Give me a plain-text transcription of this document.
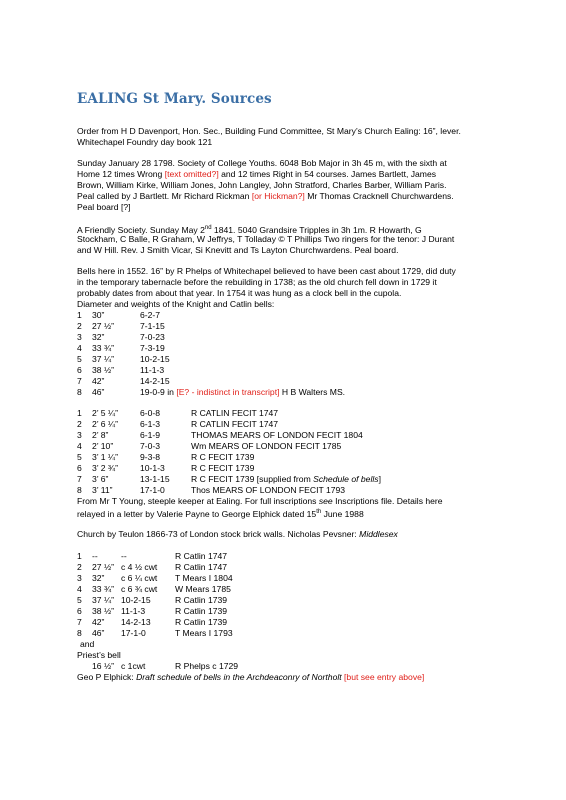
EALING St Mary. Sources
Order from H D Davenport, Hon. Sec., Building Fund Committee, St Mary’s Church Ealing: 16”, lever.
Whitechapel Foundry day book 121
Sunday January 28 1798. Society of College Youths. 6048 Bob Major in 3h 45 m, with the sixth at
Home 12 times Wrong [text omitted?] and 12 times Right in 54 courses. James Bartlett, James
Brown, William Kirke, William Jones, John Langley, John Stratford, Charles Barber, William Paris.
Peal called by J Bartlett. Mr Richard Rickman [or Hickman?] Mr Thomas Cracknell Churchwardens.
Peal board [?]
A Friendly Society. Sunday May 2nd 1841. 5040 Grandsire Tripples in 3h 1m. R Howarth, G
Stockham, C Balle, R Graham, W Jeffrys, T Tolladay © T Phillips Two ringers for the tenor: J Durant
and W Hill. Rev. J Smith Vicar, Si Knevitt and Ts Layton Churchwardens. Peal board.
Bells here in 1552. 16” by R Phelps of Whitechapel believed to have been cast about 1729, did duty
in the temporary tabernacle before the rebuilding in 1738; as the old church fell down in 1729 it
probably dates from about that year. In 1754 it was hung as a clock bell in the cupola.
Diameter and weights of the Knight and Catlin bells:
1 30”	6-2-7
2 27 ½”	7-1-15
3 32”	7-0-23
4 33 ¾”	7-3-19
5 37 ¼”	10-2-15
6 38 ½”	11-1-3
7 42”	14-2-15
8 46”	19-0-9 in [E? - indistinct in transcript] H B Walters MS.
1 2’ 5 ¼”	6-0-8	R CATLIN FECIT 1747
2 2’ 6 ¼”	6-1-3	R CATLIN FECIT 1747
3 2’ 8”	6-1-9	THOMAS MEARS OF LONDON FECIT 1804
4 2’ 10”	7-0-3	Wm MEARS OF LONDON FECIT 1785
5 3’ 1 ¼”	9-3-8	R C FECIT 1739
6 3’ 2 ¾”	10-1-3	R C FECIT 1739
7 3’ 6”	13-1-15 R C FECIT 1739 [supplied from Schedule of bells]
8 3’ 11”	17-1-0	Thos MEARS OF LONDON FECIT 1793
From Mr T Young, steeple keeper at Ealing. For full inscriptions see Inscriptions file. Details here
relayed in a letter by Valerie Payne to George Elphick dated 15th June 1988
Church by Teulon 1866-73 of London stock brick walls. Nicholas Pevsner: Middlesex
1 --	--	R Catlin 1747
2 27 ½” c 4 ½ cwt R Catlin 1747
3 32” c 6 ¼ cwt T Mears I 1804
4 33 ¾” c 6 ¾ cwt W Mears 1785
5 37 ¼” 10-2-15	R Catlin 1739
6 38 ½” 11-1-3	R Catlin 1739
7 42” 14-2-13	R Catlin 1739
8 46” 17-1-0	T Mears I 1793
and
Priest’s bell
16 ½” c 1cwt	R Phelps c 1729
Geo P Elphick: Draft schedule of bells in the Archdeaconry of Northolt [but see entry above]
